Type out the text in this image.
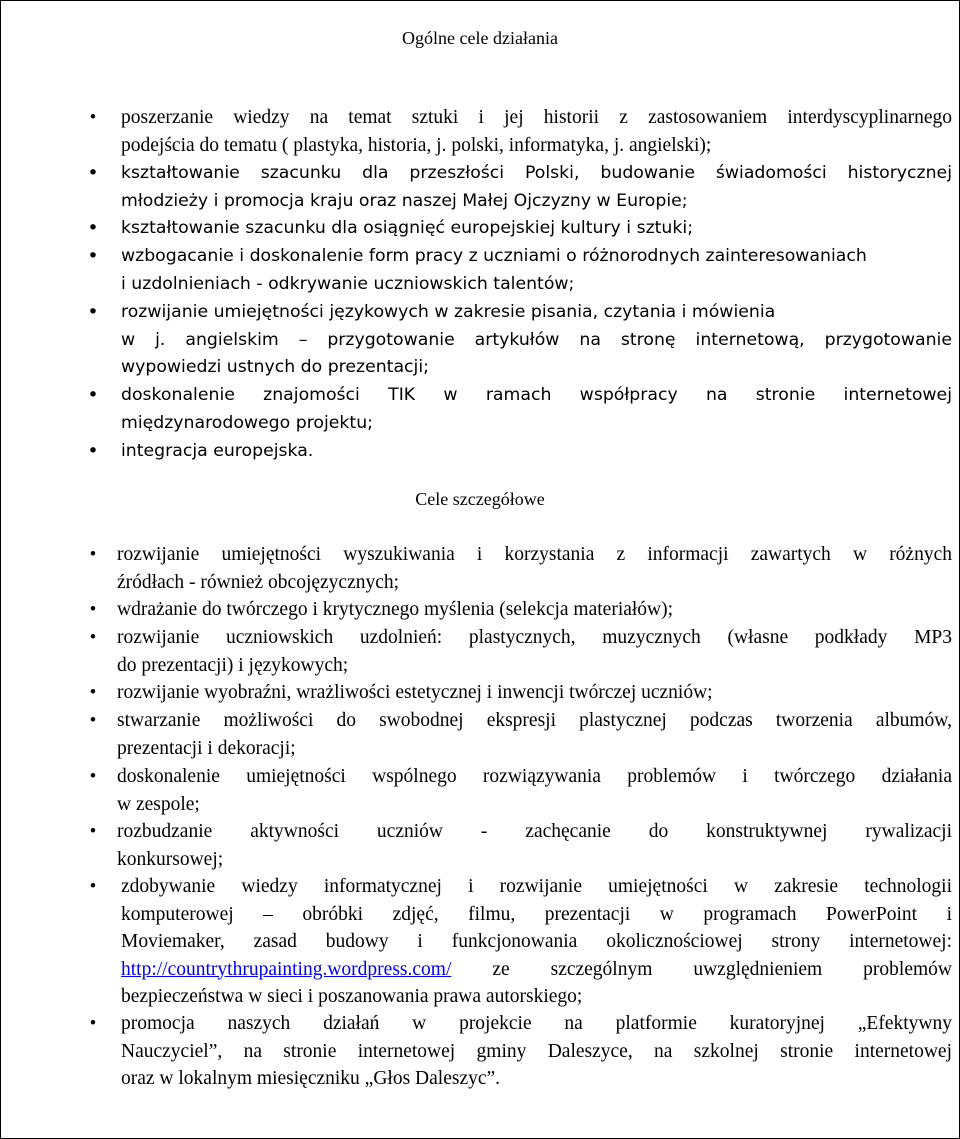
Ogólne cele działania
• poszerzanie wiedzy na temat sztuki i jej historii z zastosowaniem interdyscyplinarnego
podejścia do tematu ( plastyka, historia, j. polski, informatyka, j. angielski);
• kształtowanie szacunku dla przeszłości Polski, budowanie świadomości historycznej
młodzieży i promocja kraju oraz naszej Małej Ojczyzny w Europie;
• kształtowanie szacunku dla osiągnięć europejskiej kultury i sztuki;
• wzbogacanie i doskonalenie form pracy z uczniami o różnorodnych zainteresowaniach
i uzdolnieniach - odkrywanie uczniowskich talentów;
• rozwijanie umiejętności językowych w zakresie pisania, czytania i mówienia
w j. angielskim – przygotowanie artykułów na stronę internetową, przygotowanie
wypowiedzi ustnych do prezentacji;
• doskonalenie znajomości TIK w ramach współpracy na stronie internetowej
międzynarodowego projektu;
• integracja europejska.
Cele szczegółowe
• rozwijanie umiejętności wyszukiwania i korzystania z informacji zawartych w różnych
źródłach - również obcojęzycznych;
• wdrażanie do twórczego i krytycznego myślenia (selekcja materiałów);
• rozwijanie uczniowskich uzdolnień: plastycznych, muzycznych (własne podkłady MP3
do prezentacji) i językowych;
• rozwijanie wyobraźni, wrażliwości estetycznej i inwencji twórczej uczniów;
• stwarzanie możliwości do swobodnej ekspresji plastycznej podczas tworzenia albumów,
prezentacji i dekoracji;
• doskonalenie umiejętności wspólnego rozwiązywania problemów i twórczego działania
w zespole;
• rozbudzanie aktywności uczniów - zachęcanie do konstruktywnej rywalizacji
konkursowej;
• zdobywanie wiedzy informatycznej i rozwijanie umiejętności w zakresie technologii
komputerowej – obróbki zdjęć, filmu, prezentacji w programach PowerPoint i
Moviemaker, zasad budowy i funkcjonowania okolicznościowej strony internetowej:
http://countrythrupainting.wordpress.com/ ze szczególnym uwzględnieniem problemów
bezpieczeństwa w sieci i poszanowania prawa autorskiego;
• promocja naszych działań w projekcie na platformie kuratoryjnej „Efektywny
Nauczyciel”, na stronie internetowej gminy Daleszyce, na szkolnej stronie internetowej
oraz w lokalnym miesięczniku „Głos Daleszyc”.
